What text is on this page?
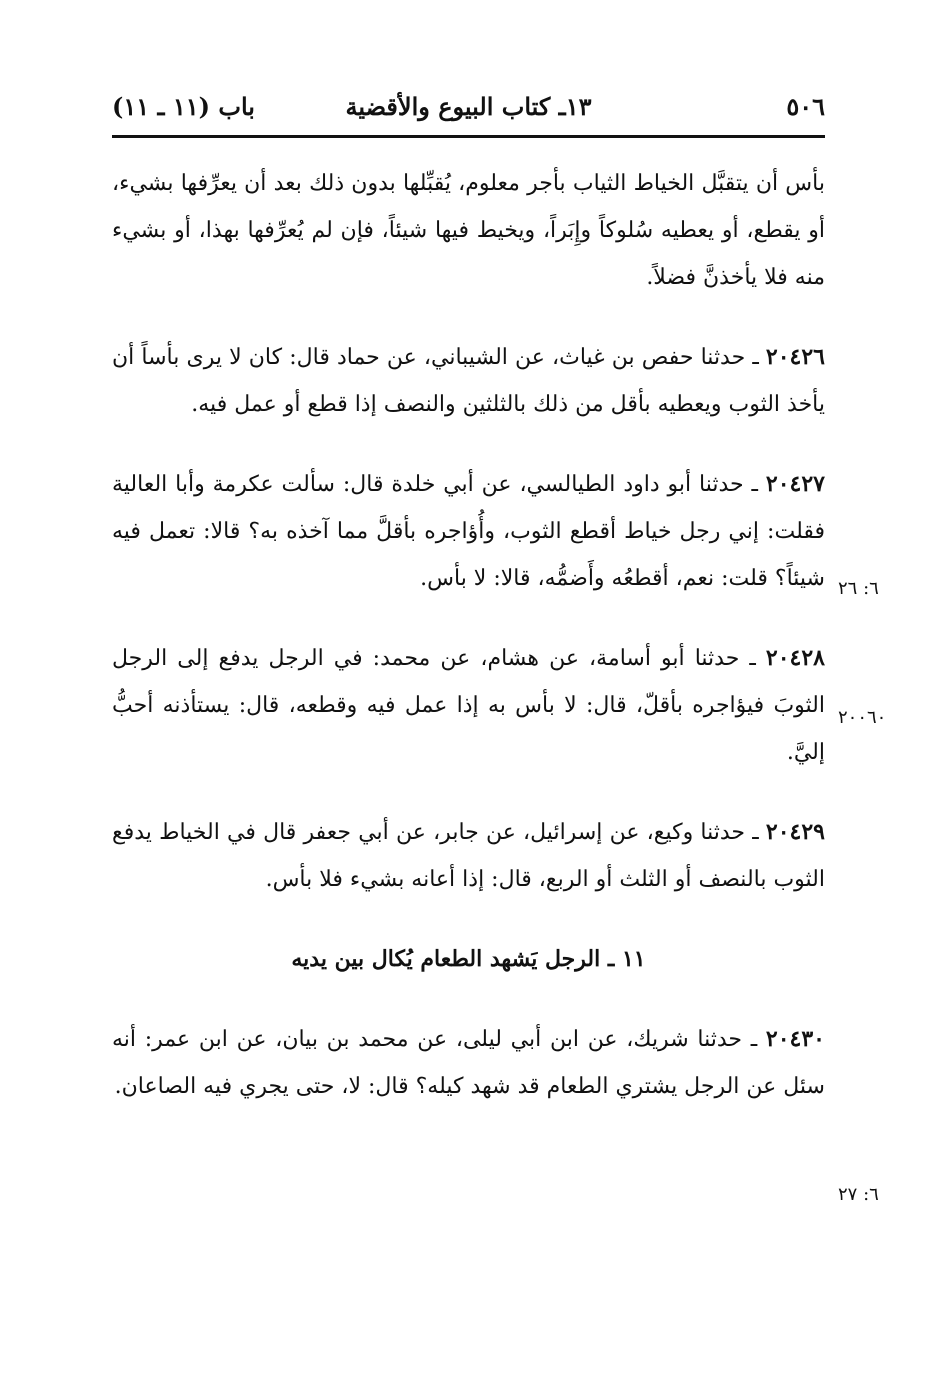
٥٠٦
١٣ـ كتاب البيوع والأقضية
باب (١١ ـ ١١)

بأس أن يتقبَّل الخياط الثياب بأجر معلوم، يُقبِّلها بدون ذلك بعد أن يعرِّفها بشيء، أو يقطع، أو يعطيه سُلوكاً وإِبَراً، ويخيط فيها شيئاً، فإن لم يُعرِّفها بهذا، أو بشيء منه فلا يأخذنَّ فضلاً.

٢٠٤٢٦ ـ حدثنا حفص بن غياث، عن الشيباني، عن حماد قال: كان لا يرى بأساً أن يأخذ الثوب ويعطيه بأقل من ذلك بالثلثين والنصف إذا قطع أو عمل فيه.

٢٠٤٢٧ ـ حدثنا أبو داود الطيالسي، عن أبي خلدة قال: سألت عكرمة وأبا العالية فقلت: إني رجل خياط أقطع الثوب، وأُؤاجره بأقلَّ مما آخذه به؟ قالا: تعمل فيه شيئاً؟ قلت: نعم، أقطعُه وأَضمُّه، قالا: لا بأس.

٢٠٤٢٨ ـ حدثنا أبو أسامة، عن هشام، عن محمد: في الرجل يدفع إلى الرجل الثوبَ فيؤاجره بأقلّ، قال: لا بأس به إذا عمل فيه وقطعه، قال: يستأذنه أحبُّ إليَّ.

٢٠٤٢٩ ـ حدثنا وكيع، عن إسرائيل، عن جابر، عن أبي جعفر قال في الخياط يدفع الثوب بالنصف أو الثلث أو الربع، قال: إذا أعانه بشيء فلا بأس.

١١ ـ الرجل يَشهد الطعام يُكال بين يديه

٢٠٤٣٠ ـ حدثنا شريك، عن ابن أبي ليلى، عن محمد بن بيان، عن ابن عمر: أنه سئل عن الرجل يشتري الطعام قد شهد كيله؟ قال: لا، حتى يجري فيه الصاعان.

٦: ٢٦
٢٠٠٦٠
٦: ٢٧
